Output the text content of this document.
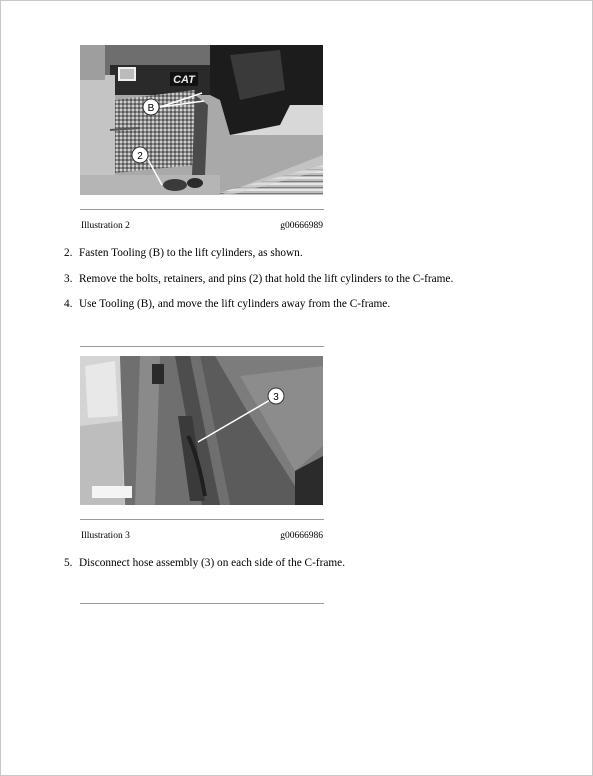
CAT
B
2
Illustration 2	g00666989
2. Fasten Tooling (B) to the lift cylinders, as shown.
3. Remove the bolts, retainers, and pins (2) that hold the lift cylinders to the C-frame.
4. Use Tooling (B), and move the lift cylinders away from the C-frame.
3
Illustration 3	g00666986
5. Disconnect hose assembly (3) on each side of the C-frame.
